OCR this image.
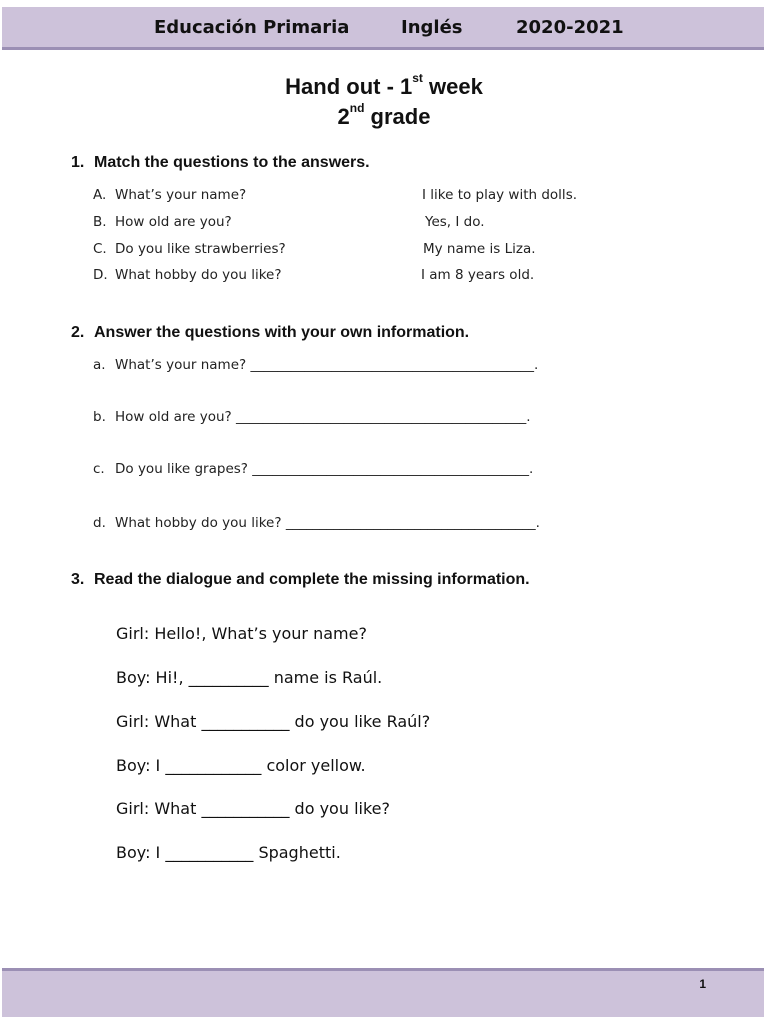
Educación Primaria	Inglés	2020-2021
Hand out - 1st week
2nd grade
1. Match the questions to the answers.
A. What’s your name?
B. How old are you?
C. Do you like strawberries?
D. What hobby do you like?
I like to play with dolls.
Yes, I do.
My name is Liza.
I am 8 years old.
2. Answer the questions with your own information.
a. What’s your name? __________________________________________.
b. How old are you? ___________________________________________.
c. Do you like grapes? _________________________________________.
d. What hobby do you like? _____________________________________.
3. Read the dialogue and complete the missing information.
Girl: Hello!, What’s your name?
Boy: Hi!, __________ name is Raúl.
Girl: What ___________ do you like Raúl?
Boy: I ____________ color yellow.
Girl: What ___________ do you like?
Boy: I ___________ Spaghetti.
1
